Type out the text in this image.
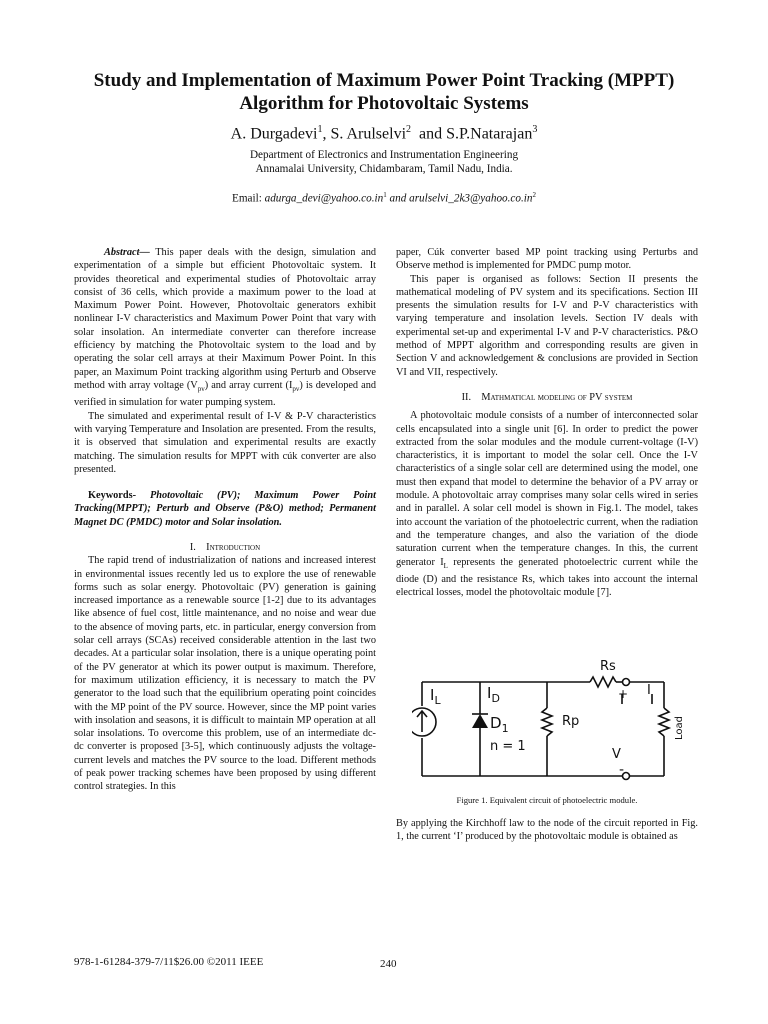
Study and Implementation of Maximum Power Point Tracking (MPPT)
Algorithm for Photovoltaic Systems
A. Durgadevi$^1$, S. Arulselvi$^2$  and S.P.Natarajan$^3$
Department of Electronics and Instrumentation Engineering
Annamalai University, Chidambaram, Tamil Nadu, India.
Email: $adurga\_devi@yahoo.co.in^1$ and $arulselvi\_2k3@yahoo.co.in^2$

Abstract— This paper deals with the design, simulation and experimentation of a simple but efficient Photovoltaic system. It provides theoretical and experimental studies of Photovoltaic array consist of 36 cells, which provide a maximum power to the load at Maximum Power Point. However, Photovoltaic generators exhibit nonlinear I-V characteristics and Maximum Power Point that vary with solar insolation. An intermediate converter can therefore increase efficiency by matching the Photovoltaic system to the load and by operating the solar cell arrays at their Maximum Power Point. In this paper, an Maximum Point tracking algorithm using Perturb and Observe method with array voltage $(V_{pv})$ and array current $(I_{pv})$ is developed and verified in simulation for water pumping system.

The simulated and experimental result of I-V & P-V characteristics with varying Temperature and Insolation are presented. From the results, it is observed that simulation and experimental results are exactly matching. The simulation results for MPPT with cúk converter are also presented.

Keywords- Photovoltaic (PV); Maximum Power Point Tracking(MPPT); Perturb and Observe (P&O) method; Permanent Magnet DC (PMDC) motor and Solar insolation.

I. Introduction

The rapid trend of industrialization of nations and increased interest in environmental issues recently led us to explore the use of renewable forms such as solar energy. Photovoltaic (PV) generation is gaining increased importance as a renewable source [1-2] due to its advantages like absence of fuel cost, little maintenance, and no noise and wear due to the absence of moving parts, etc. in particular, energy conversion from solar cell arrays (SCAs) received considerable attention in the last two decades. At a particular solar insolation, there is a unique operating point of the PV generator at which its power output is maximum. Therefore, for maximum utilization efficiency, it is necessary to match the PV generator to the load such that the equilibrium operating point coincides with the MP point of the PV source. However, since the MP point varies with insolation and seasons, it is difficult to maintain MP operation at all solar insolations. To overcome this problem, use of an intermediate dc-dc converter is proposed [3-5], which continuously adjusts the voltage-current levels and matches the PV source to the load. Different methods of peak power tracking schemes have been proposed by using different control strategies. In this

paper, Cúk converter based MP point tracking using Perturbs and Observe method is implemented for PMDC pump motor.

This paper is organised as follows: Section II presents the mathematical modeling of PV system and its specifications. Section III presents the simulation results for I-V and P-V characteristics with varying temperature and insolation levels. Section IV deals with experimental set-up and experimental I-V and P-V characteristics. P&O method of MPPT algorithm and corresponding results are given in Section V and acknowledgement & conclusions are provided in Section VI and VII, respectively.

II. Mathmatical modeling of PV system

A photovoltaic module consists of a number of interconnected solar cells encapsulated into a single unit [6]. In order to predict the power extracted from the solar modules and the module current-voltage (I-V) characteristics, it is important to model the solar cell. Once the I-V characteristics of a single solar cell are determined using the model, one must then expand that model to determine the behavior of a PV array or module. A photovoltaic array comprises many solar cells wired in series and in parallel. A solar cell model is shown in Fig.1. The model, takes into account the variation of the photoelectric current, when the radiation and the temperature changes, and also the variation of the diode saturation current when the temperature changes. In this, the current generator $I_L$ represents the generated photoelectric current while the diode (D) and the resistance Rs, which takes into account the internal electrical losses, model the photovoltaic module [7].

$I_L$	$I_D$
$D_1$
n = 1
Rp
Rs
V
I
+
-
Load
Figure 1. Equivalent circuit of photoelectric module.
By applying the Kirchhoff law to the node of the circuit reported in Fig. 1, the current ‘I’ produced by the photovoltaic module is obtained as
978-1-61284-379-7/11$26.00 ©2011 IEEE	240
